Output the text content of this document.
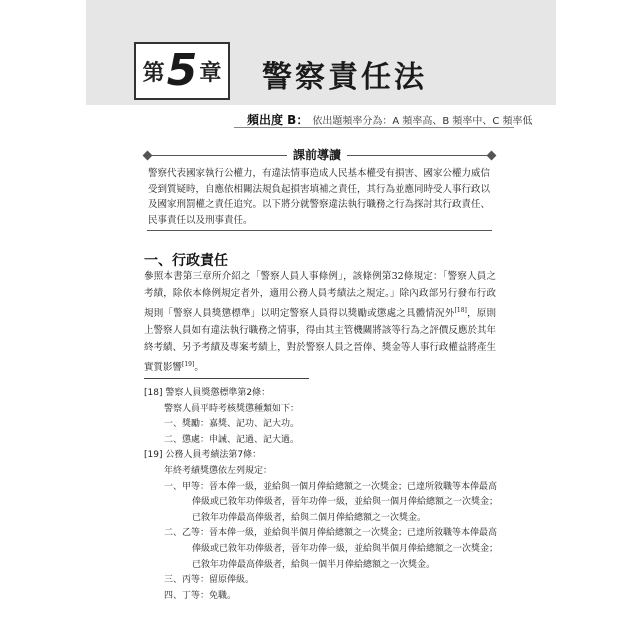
第 5 章 警察責任法
頻出度 B： 依出題頻率分為：A 頻率高、B 頻率中、C 頻率低
課前導讀

警察代表國家執行公權力，有違法情事造成人民基本權受有損害、國家公權力威信受到質疑時，自應依相關法規負起損害填補之責任，其行為並應同時受人事行政以及國家刑罰權之責任追究。以下將分就警察違法執行職務之行為探討其行政責任、民事責任以及刑事責任。

一、行政責任

參照本書第三章所介紹之「警察人員人事條例」，該條例第32條規定：「警察人員之考績，除依本條例規定者外，適用公務人員考績法之規定。」除內政部另行發布行政規則「警察人員獎懲標準」以明定警察人員得以獎勵或懲處之具體情況外[18]，原則上警察人員如有違法執行職務之情事，得由其主管機關將該等行為之評價反應於其年終考績、另予考績及專案考績上，對於警察人員之晉俸、獎金等人事行政權益將產生實質影響[19]。

[18] 警察人員獎懲標準第2條：
警察人員平時考核獎懲種類如下：
一、獎勵：嘉獎、記功、記大功。
二、懲處：申誡、記過、記大過。
[19] 公務人員考績法第7條：
年終考績獎懲依左列規定：
一、甲等：晉本俸一級，並給與一個月俸給總額之一次獎金；已達所敘職等本俸最高俸級或已敘年功俸級者，晉年功俸一級，並給與一個月俸給總額之一次獎金；已敘年功俸最高俸級者，給與二個月俸給總額之一次獎金。
二、乙等：晉本俸一級，並給與半個月俸給總額之一次獎金；已達所敘職等本俸最高俸級或已敘年功俸級者，晉年功俸一級，並給與半個月俸給總額之一次獎金；已敘年功俸最高俸級者，給與一個半月俸給總額之一次獎金。
三、丙等：留原俸級。
四、丁等：免職。
